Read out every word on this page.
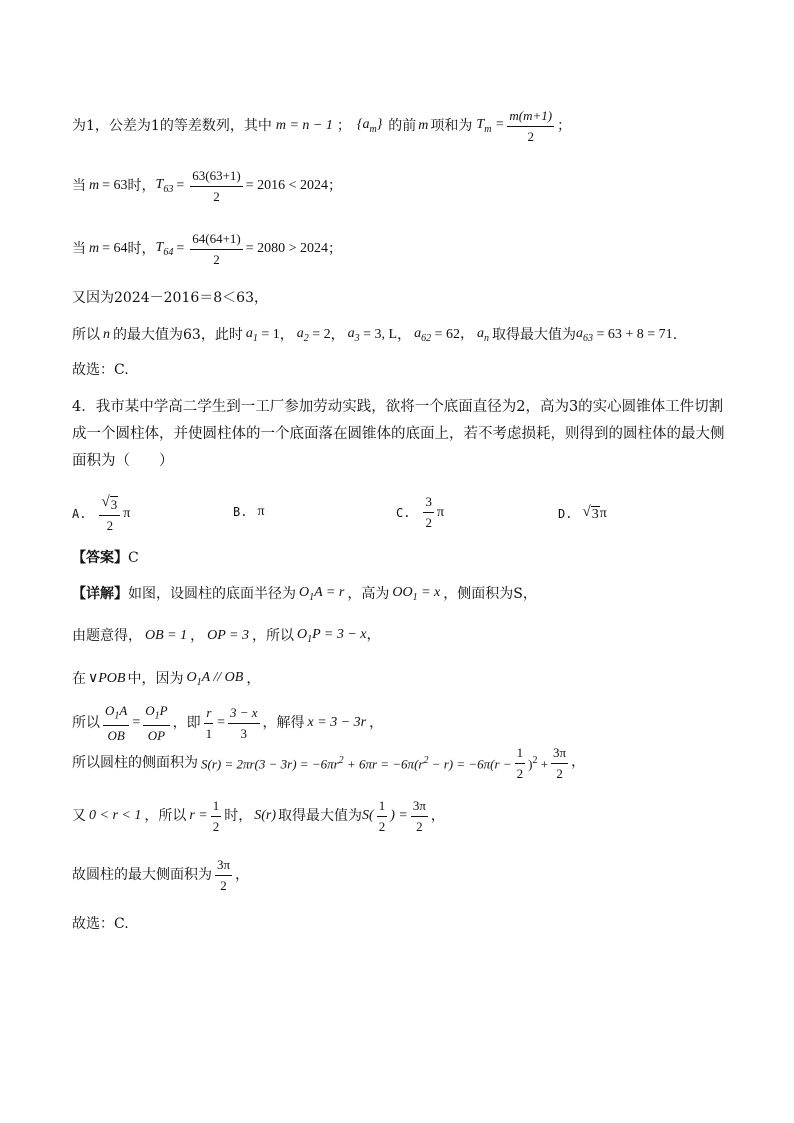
为1，公差为1的等差数列，其中 m = n − 1 ； $\{a_m\}$ 的前 m 项和为 $T_m = \frac{m(m+1)}{2}$ ；
当 m = 63 时， $T_{63} = \frac{63(63+1)}{2} = 2016 < 2024$ ；
当 m = 64 时， $T_{64} = \frac{64(64+1)}{2} = 2080 > 2024$ ；
又因为2024－2016＝8＜63，
所以 n 的最大值为63，此时 $a_1 = 1$ ， $a_2 = 2$ ， $a_3 = 3$, L ， $a_{62} = 62$ ， $a_n$ 取得最大值为 $a_{63} = 63 + 8 = 71$ .
故选：C.
4．我市某中学高二学生到一工厂参加劳动实践，欲将一个底面直径为2，高为3的实心圆锥体工件切割成一个圆柱体，并使圆柱体的一个底面落在圆锥体的底面上，若不考虑损耗，则得到的圆柱体的最大侧面积为（　　）
A. $\frac{√ 3}{2}$ π	B. π	C. $\frac{3}{2}$ π	D. √ 3 π
【答案】 C
【详解】 如图，设圆柱的底面半径为 $O_1A = r$ ，高为 $OO_1 = x$ ，侧面积为S，
由题意得， OB = 1 ， OP = 3 ，所以 $O_1P = 3 - x$ ，
在 ∨POB 中，因为 $O_1A$ // OB ，
所以 $\frac{O_1A}{OB} = \frac{O_1P}{OP}$ ，即 $\frac{r}{1} = \frac{3 - x}{3}$ ，解得 x = 3 − 3r ，
所以圆柱的侧面积为 $S(r) = 2\pi r(3 - 3r) = -6\pi r^2 + 6\pi r = -6\pi(r^2 - r) = -6\pi(r - \frac{1}{2} )^2 + \frac{3\pi}{2}$ ，
又 0 < r < 1 ，所以 $r = \frac{1}{2}$ 时， S(r) 取得最大值为 $S( \frac{1}{2}$ ) = $\frac{3\pi}{2}$ ，
故圆柱的最大侧面积为 $\frac{3\pi}{2}$ ，
故选：C.
